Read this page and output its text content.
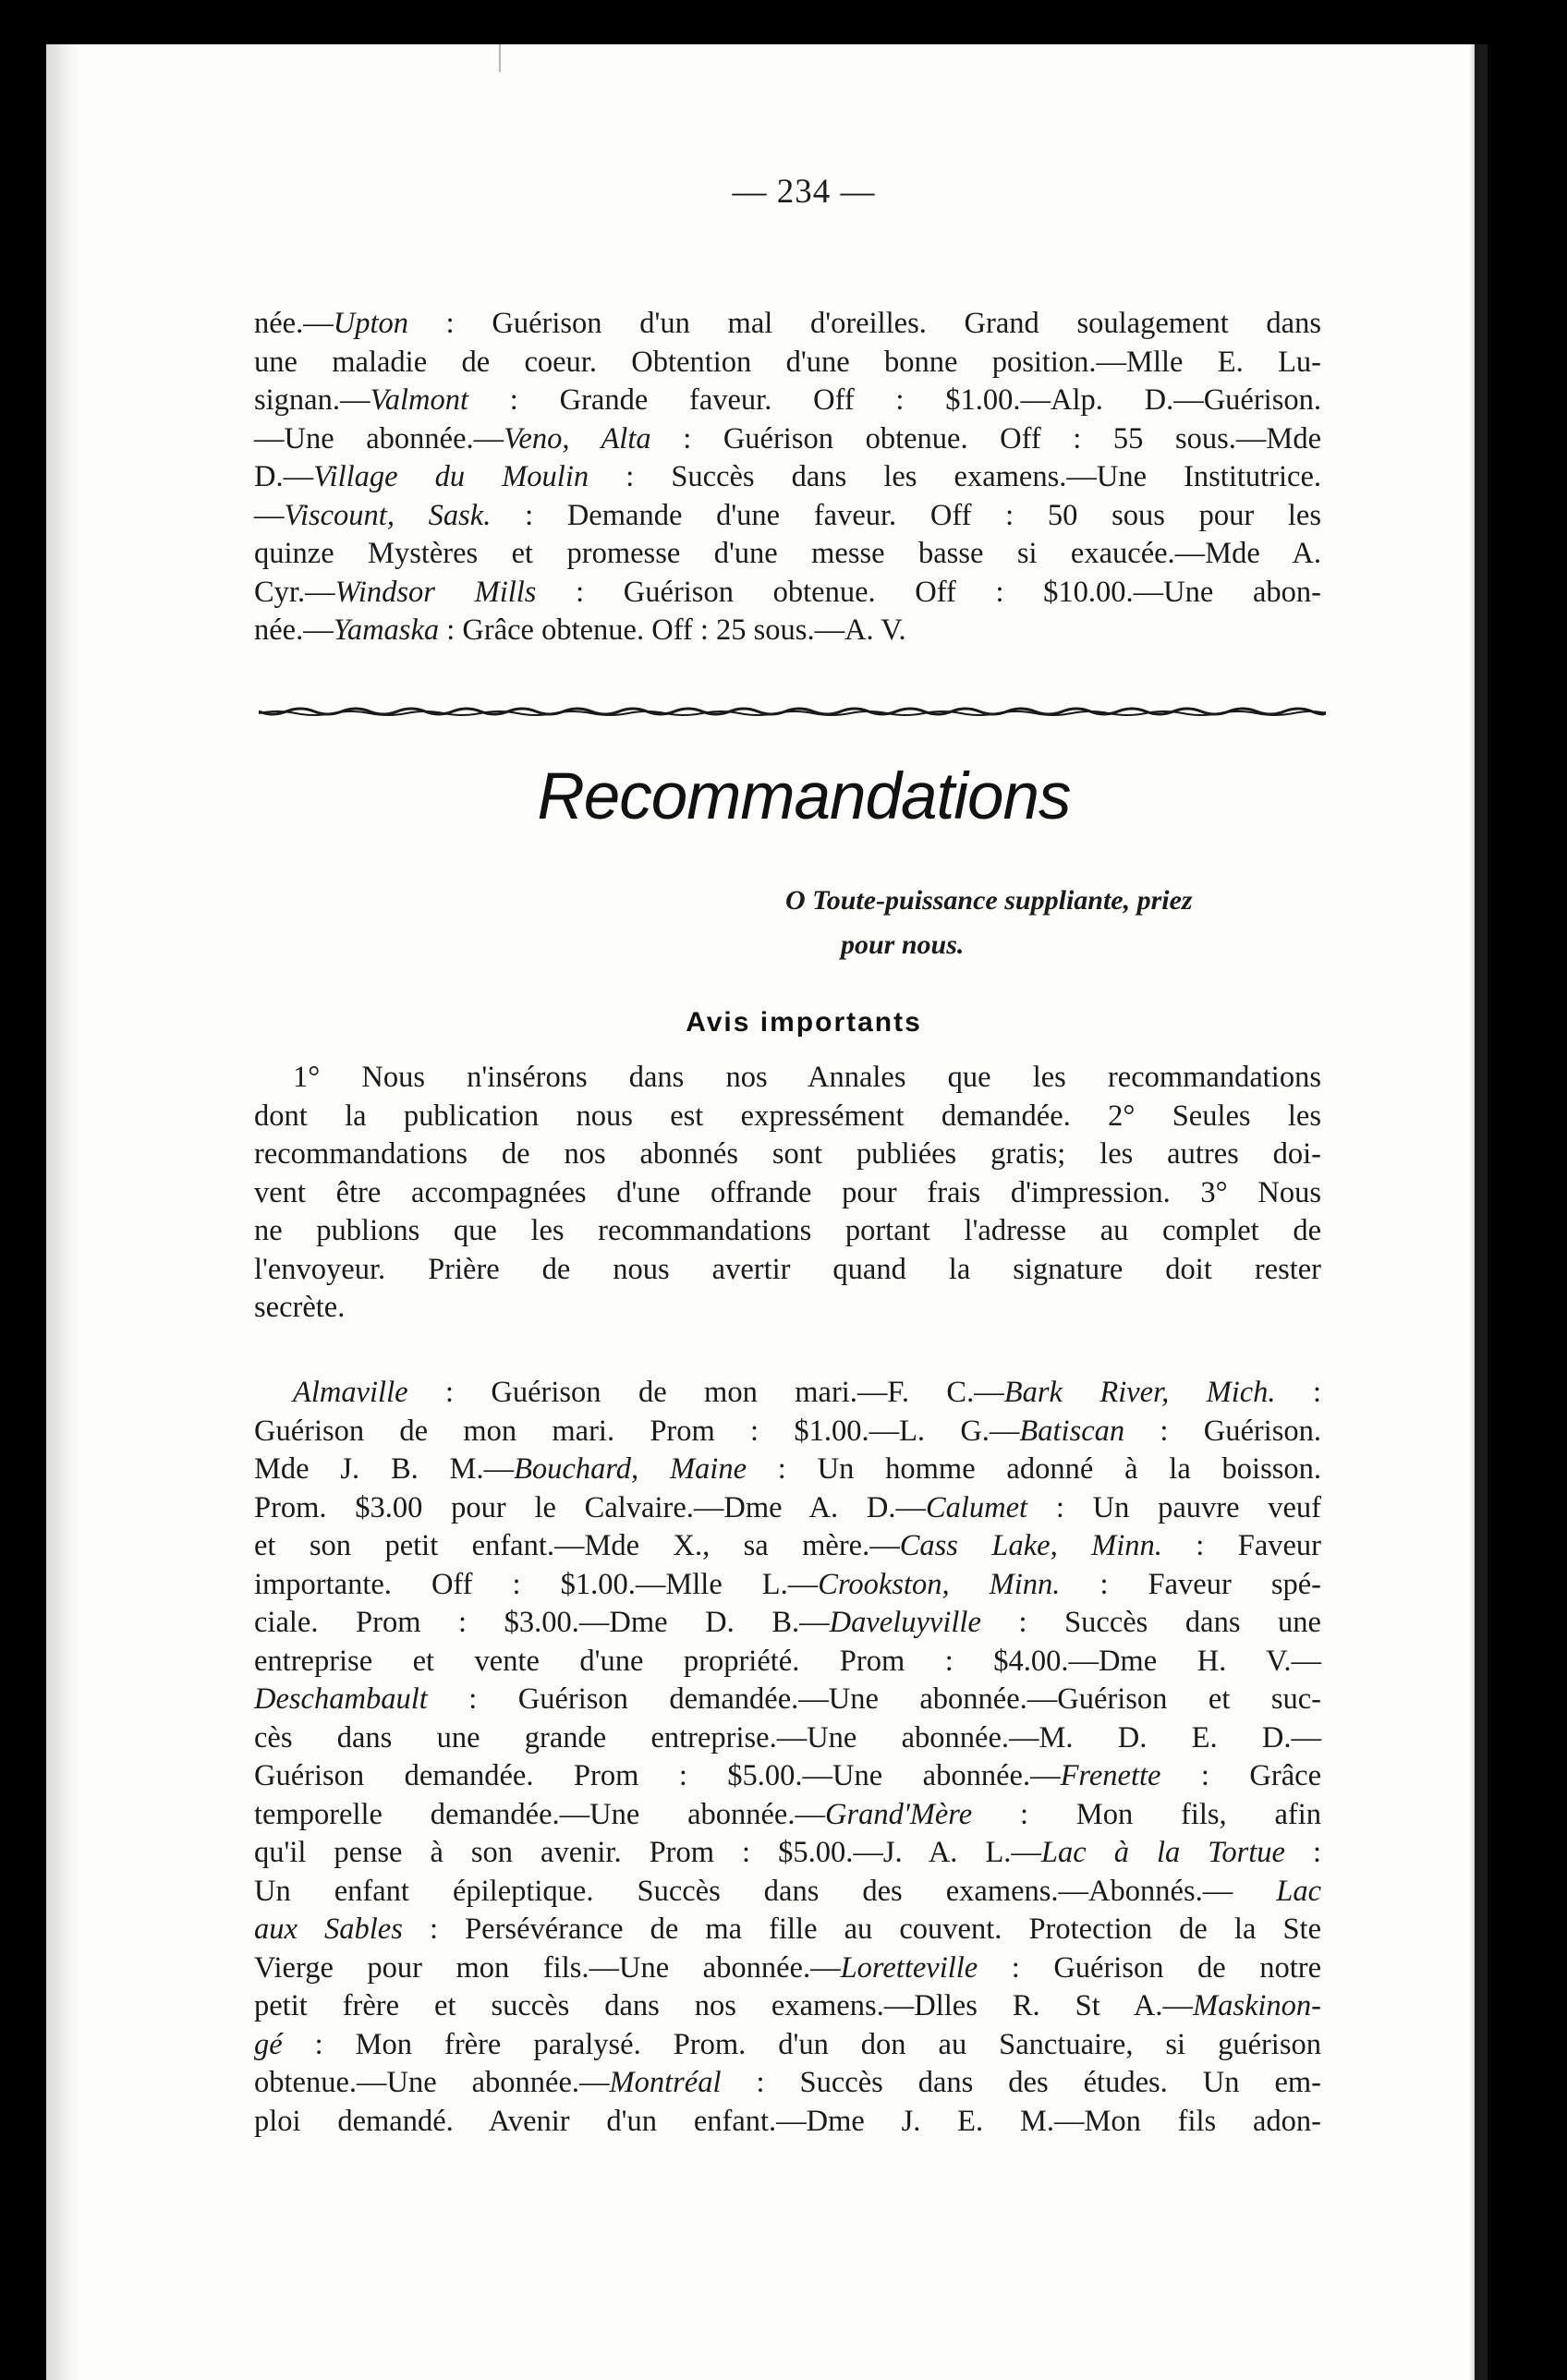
— 234 —
née.—Upton : Guérison d'un mal d'oreilles. Grand soulagement dans
une maladie de coeur. Obtention d'une bonne position.—Mlle E. Lu-
signan.—Valmont : Grande faveur. Off : $1.00.—Alp. D.—Guérison.
—Une abonnée.—Veno, Alta : Guérison obtenue. Off : 55 sous.—Mde
D.—Village du Moulin : Succès dans les examens.—Une Institutrice.
—Viscount, Sask. : Demande d'une faveur. Off : 50 sous pour les
quinze Mystères et promesse d'une messe basse si exaucée.—Mde A.
Cyr.—Windsor Mills : Guérison obtenue. Off : $10.00.—Une abon-
née.—Yamaska : Grâce obtenue. Off : 25 sous.—A. V.
Recommandations
O Toute-puissance suppliante, priez
pour nous.
Avis importants
1° Nous n'insérons dans nos Annales que les recommandations
dont la publication nous est expressément demandée. 2° Seules les
recommandations de nos abonnés sont publiées gratis; les autres doi-
vent être accompagnées d'une offrande pour frais d'impression. 3° Nous
ne publions que les recommandations portant l'adresse au complet de
l'envoyeur. Prière de nous avertir quand la signature doit rester
secrète.
Almaville : Guérison de mon mari.—F. C.—Bark River, Mich. :
Guérison de mon mari. Prom : $1.00.—L. G.—Batiscan : Guérison.
Mde J. B. M.—Bouchard, Maine : Un homme adonné à la boisson.
Prom. $3.00 pour le Calvaire.—Dme A. D.—Calumet : Un pauvre veuf
et son petit enfant.—Mde X., sa mère.—Cass Lake, Minn. : Faveur
importante. Off : $1.00.—Mlle L.—Crookston, Minn. : Faveur spé-
ciale. Prom : $3.00.—Dme D. B.—Daveluyville : Succès dans une
entreprise et vente d'une propriété. Prom : $4.00.—Dme H. V.—
Deschambault : Guérison demandée.—Une abonnée.—Guérison et suc-
cès dans une grande entreprise.—Une abonnée.—M. D. E. D.—
Guérison demandée. Prom : $5.00.—Une abonnée.—Frenette : Grâce
temporelle demandée.—Une abonnée.—Grand'Mère : Mon fils, afin
qu'il pense à son avenir. Prom : $5.00.—J. A. L.—Lac à la Tortue :
Un enfant épileptique. Succès dans des examens.—Abonnés.— Lac
aux Sables : Persévérance de ma fille au couvent. Protection de la Ste
Vierge pour mon fils.—Une abonnée.—Loretteville : Guérison de notre
petit frère et succès dans nos examens.—Dlles R. St A.—Maskinon-
gé : Mon frère paralysé. Prom. d'un don au Sanctuaire, si guérison
obtenue.—Une abonnée.—Montréal : Succès dans des études. Un em-
ploi demandé. Avenir d'un enfant.—Dme J. E. M.—Mon fils adon-
